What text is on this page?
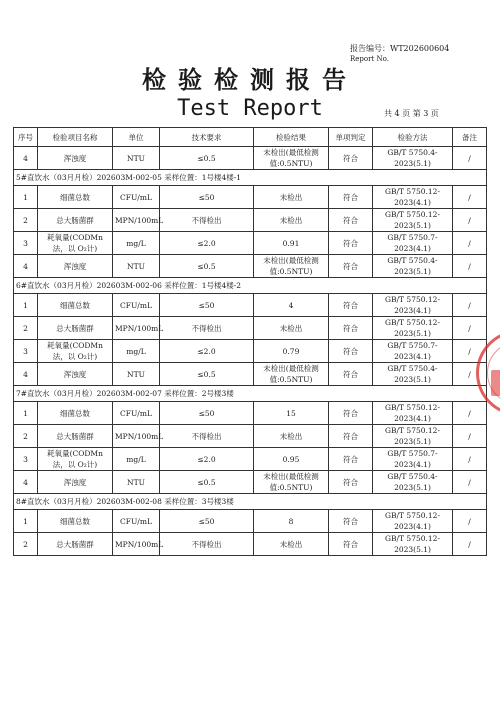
报告编号：WT202600604
Report No.
检验检测报告
Test Report	共 4 页 第 3 页
序号	检验项目名称	单位	技术要求	检验结果	单项判定	检验方法	备注
4	浑浊度	NTU	≤0.5	未检出(最低检测值:0.5NTU)	符合	GB/T 5750.4-2023(5.1)	/
5#直饮水（03月月检）202603M-002-05 采样位置：1号楼4楼-1							
1	细菌总数	CFU/mL	≤50	未检出	符合	GB/T 5750.12-2023(4.1)	/
2	总大肠菌群	MPN/100mL	不得检出	未检出	符合	GB/T 5750.12-2023(5.1)	/
3	耗氧量(CODMn 法，以 O₂计)	mg/L	≤2.0	0.91	符合	GB/T 5750.7-2023(4.1)	/
4	浑浊度	NTU	≤0.5	未检出(最低检测值:0.5NTU)	符合	GB/T 5750.4-2023(5.1)	/
6#直饮水（03月月检）202603M-002-06 采样位置：1号楼4楼-2							
1	细菌总数	CFU/mL	≤50	4	符合	GB/T 5750.12-2023(4.1)	/
2	总大肠菌群	MPN/100mL	不得检出	未检出	符合	GB/T 5750.12-2023(5.1)	/
3	耗氧量(CODMn 法，以 O₂计)	mg/L	≤2.0	0.79	符合	GB/T 5750.7-2023(4.1)	/
4	浑浊度	NTU	≤0.5	未检出(最低检测值:0.5NTU)	符合	GB/T 5750.4-2023(5.1)	/
7#直饮水（03月月检）202603M-002-07 采样位置：2号楼3楼							
1	细菌总数	CFU/mL	≤50	15	符合	GB/T 5750.12-2023(4.1)	/
2	总大肠菌群	MPN/100mL	不得检出	未检出	符合	GB/T 5750.12-2023(5.1)	/
3	耗氧量(CODMn 法，以 O₂计)	mg/L	≤2.0	0.95	符合	GB/T 5750.7-2023(4.1)	/
4	浑浊度	NTU	≤0.5	未检出(最低检测值:0.5NTU)	符合	GB/T 5750.4-2023(5.1)	/
8#直饮水（03月月检）202603M-002-08 采样位置：3号楼3楼							
1	细菌总数	CFU/mL	≤50	8	符合	GB/T 5750.12-2023(4.1)	/
2	总大肠菌群	MPN/100mL	不得检出	未检出	符合	GB/T 5750.12-2023(5.1)	/
